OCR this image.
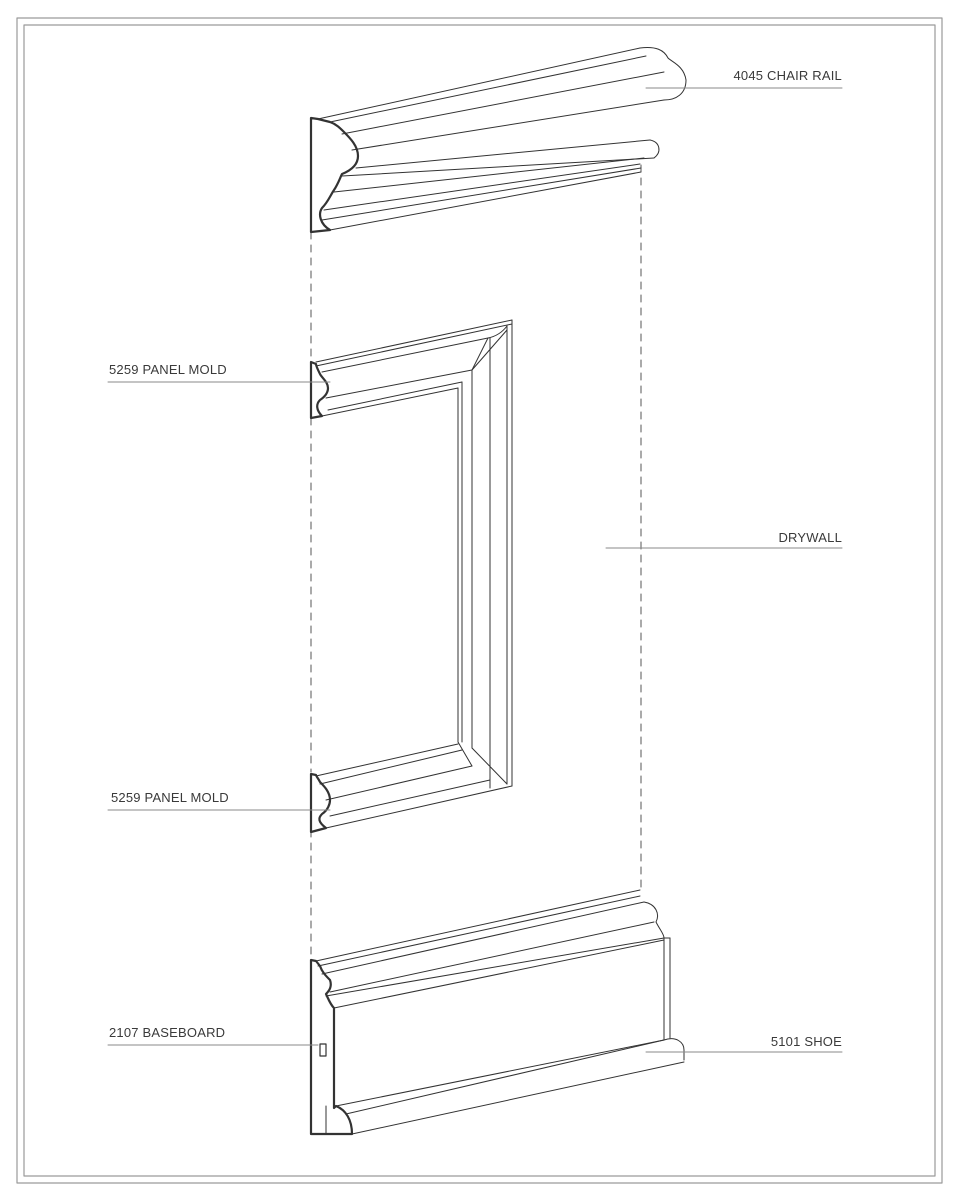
4045 CHAIR RAIL
5259 PANEL MOLD
DRYWALL
5259 PANEL MOLD
2107 BASEBOARD
5101 SHOE
